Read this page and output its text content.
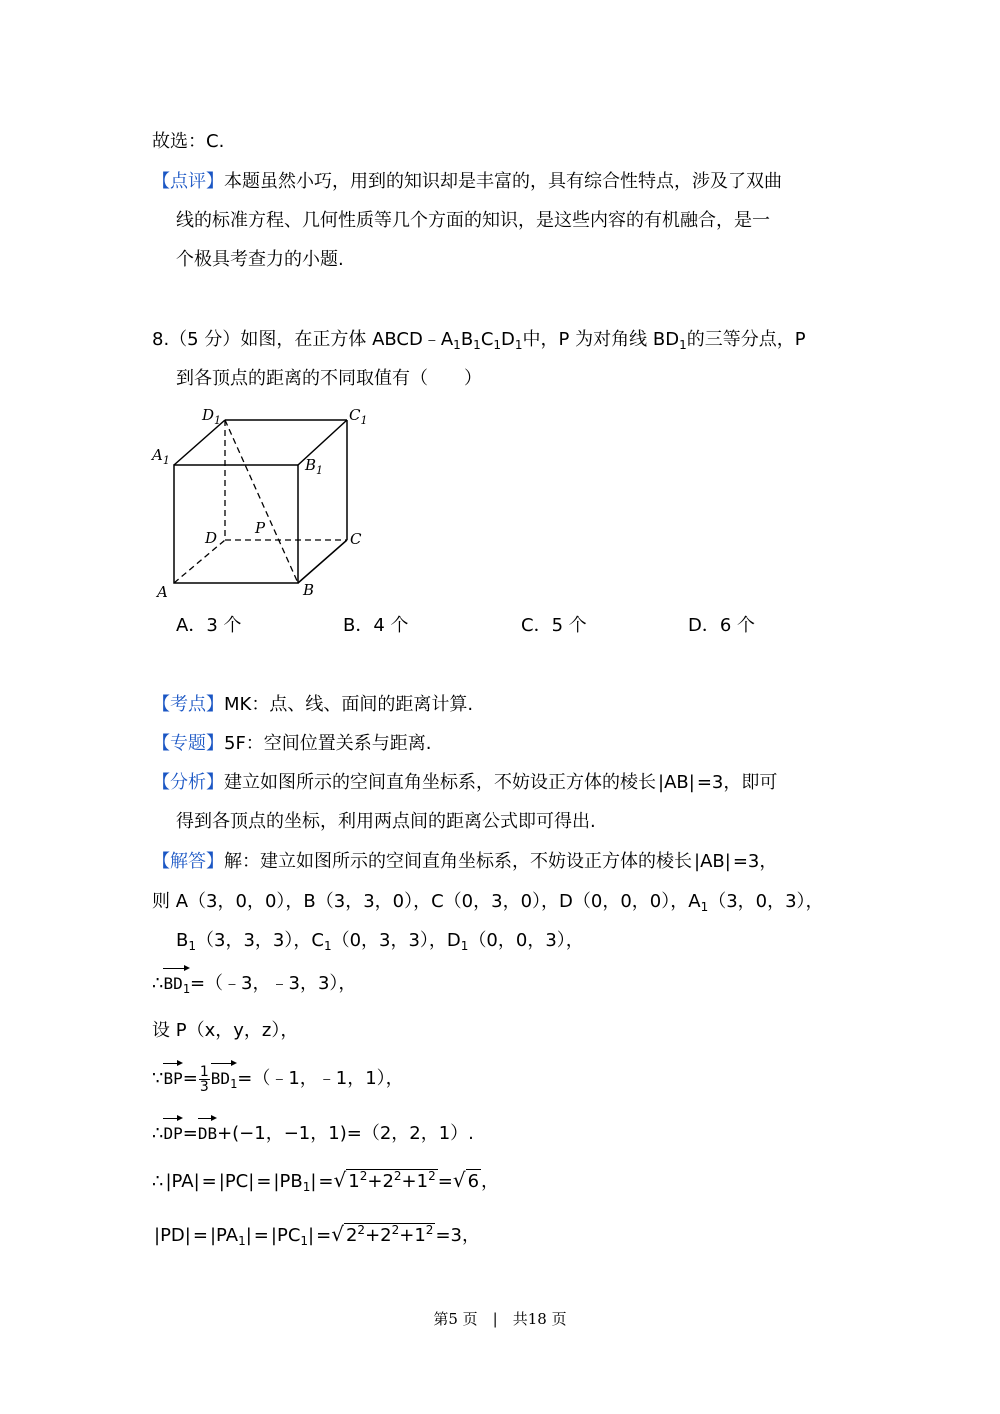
故选：C.
【点评】本题虽然小巧，用到的知识却是丰富的，具有综合性特点，涉及了双曲
线的标准方程、几何性质等几个方面的知识，是这些内容的有机融合，是一
个极具考查力的小题.
8.（5 分）如图，在正方体 $ABCD﹣A_1B_1C_1D_1$中，P 为对角线 $BD_1$的三等分点，P
到各顶点的距离的不同取值有（　　）
$D_1$	$C_1$
$A_1$	$B_1$
D
P
C
A	B
A．3 个	B．4 个	C．5 个	D．6 个
【考点】MK：点、线、面间的距离计算.
【专题】5F：空间位置关系与距离.
【分析】建立如图所示的空间直角坐标系，不妨设正方体的棱长 |AB| =3，即可
得到各顶点的坐标，利用两点间的距离公式即可得出.
【解答】解：建立如图所示的空间直角坐标系，不妨设正方体的棱长 |AB| =3，
则 A（3，0，0），B（3，3，0），C（0，3，0），D（0，0，0），$A_1(3$，0，3），
$B_1(3$，3，3），$C_1(0$，3，3），$D_1(0$，0，3），
$\therefore BD_1=(﹣3$，﹣3，3），
设 P（x，y，z），
∵BP= $\frac{1}{3}$ $BD_1=(﹣1$，﹣1，1），
∴DP=DB+(−1，−1，1)=（2，2，1）.
∴ $|PA| = |PC| = |PB_1|$ =√ $1^2+2^2+1^2$ =√ 6 ，
$|PD| = |PA_1| = |PC_1|$ =√ $2^2+2^2+1^2 =3$，
第5 页　|　共18 页
